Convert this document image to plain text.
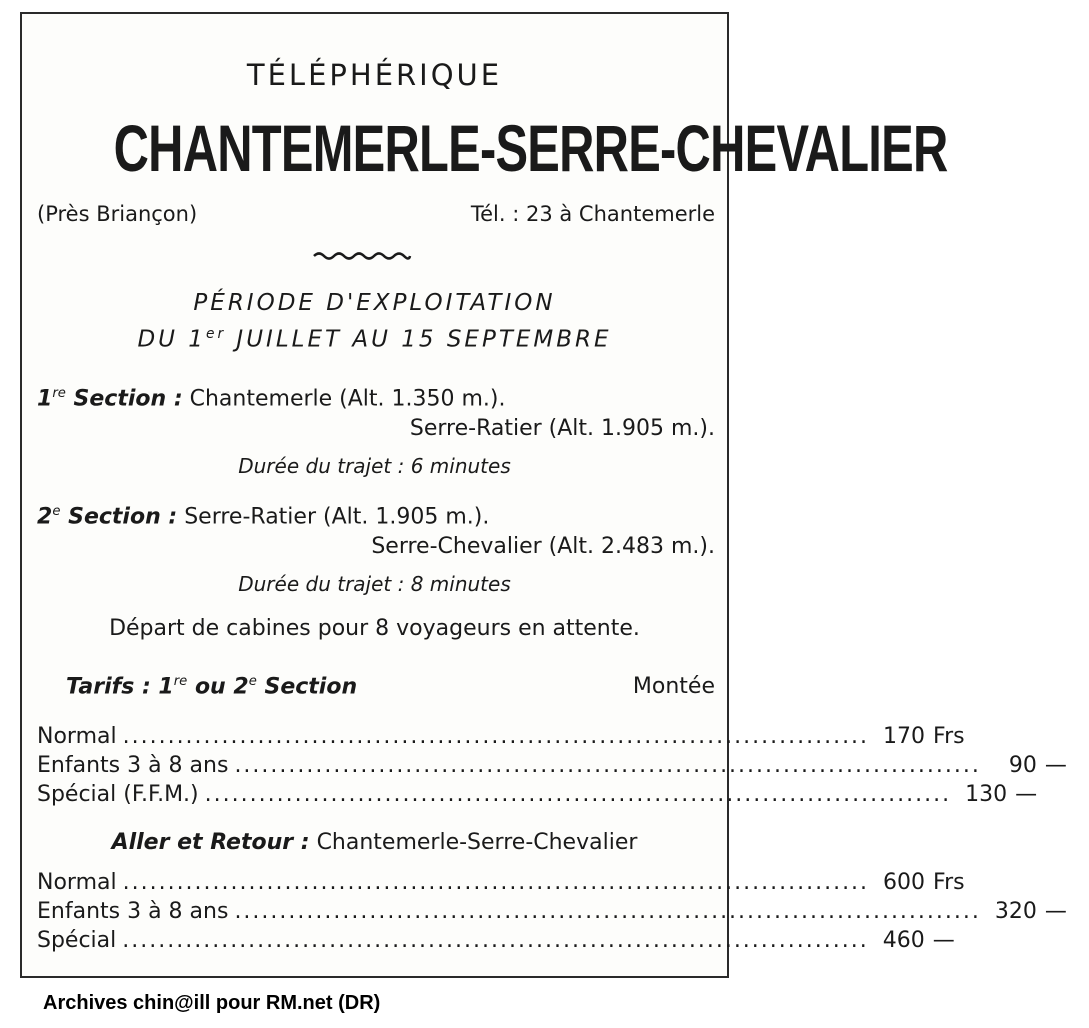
TÉLÉPHÉRIQUE
CHANTEMERLE-SERRE-CHEVALIER
(Près Briançon)	Tél. : 23 à Chantemerle
PÉRIODE D'EXPLOITATION
DU 1er JUILLET AU 15 SEPTEMBRE
1re Section : Chantemerle (Alt. 1.350 m.).
Serre-Ratier (Alt. 1.905 m.).
Durée du trajet : 6 minutes
2e Section : Serre-Ratier (Alt. 1.905 m.).
Serre-Chevalier (Alt. 2.483 m.).
Durée du trajet : 8 minutes
Départ de cabines pour 8 voyageurs en attente.
Tarifs : 1re ou 2e Section	Montée
Normal ................................................................................... 170 Frs
Enfants 3 à 8 ans ...................................................................................	90 —
Spécial (F.F.M.) ................................................................................... 130 —
Aller et Retour : Chantemerle-Serre-Chevalier
Normal ................................................................................... 600 Frs
Enfants 3 à 8 ans ................................................................................... 320 —
Spécial ................................................................................... 460 —
Archives chin@ill pour RM.net (DR)
